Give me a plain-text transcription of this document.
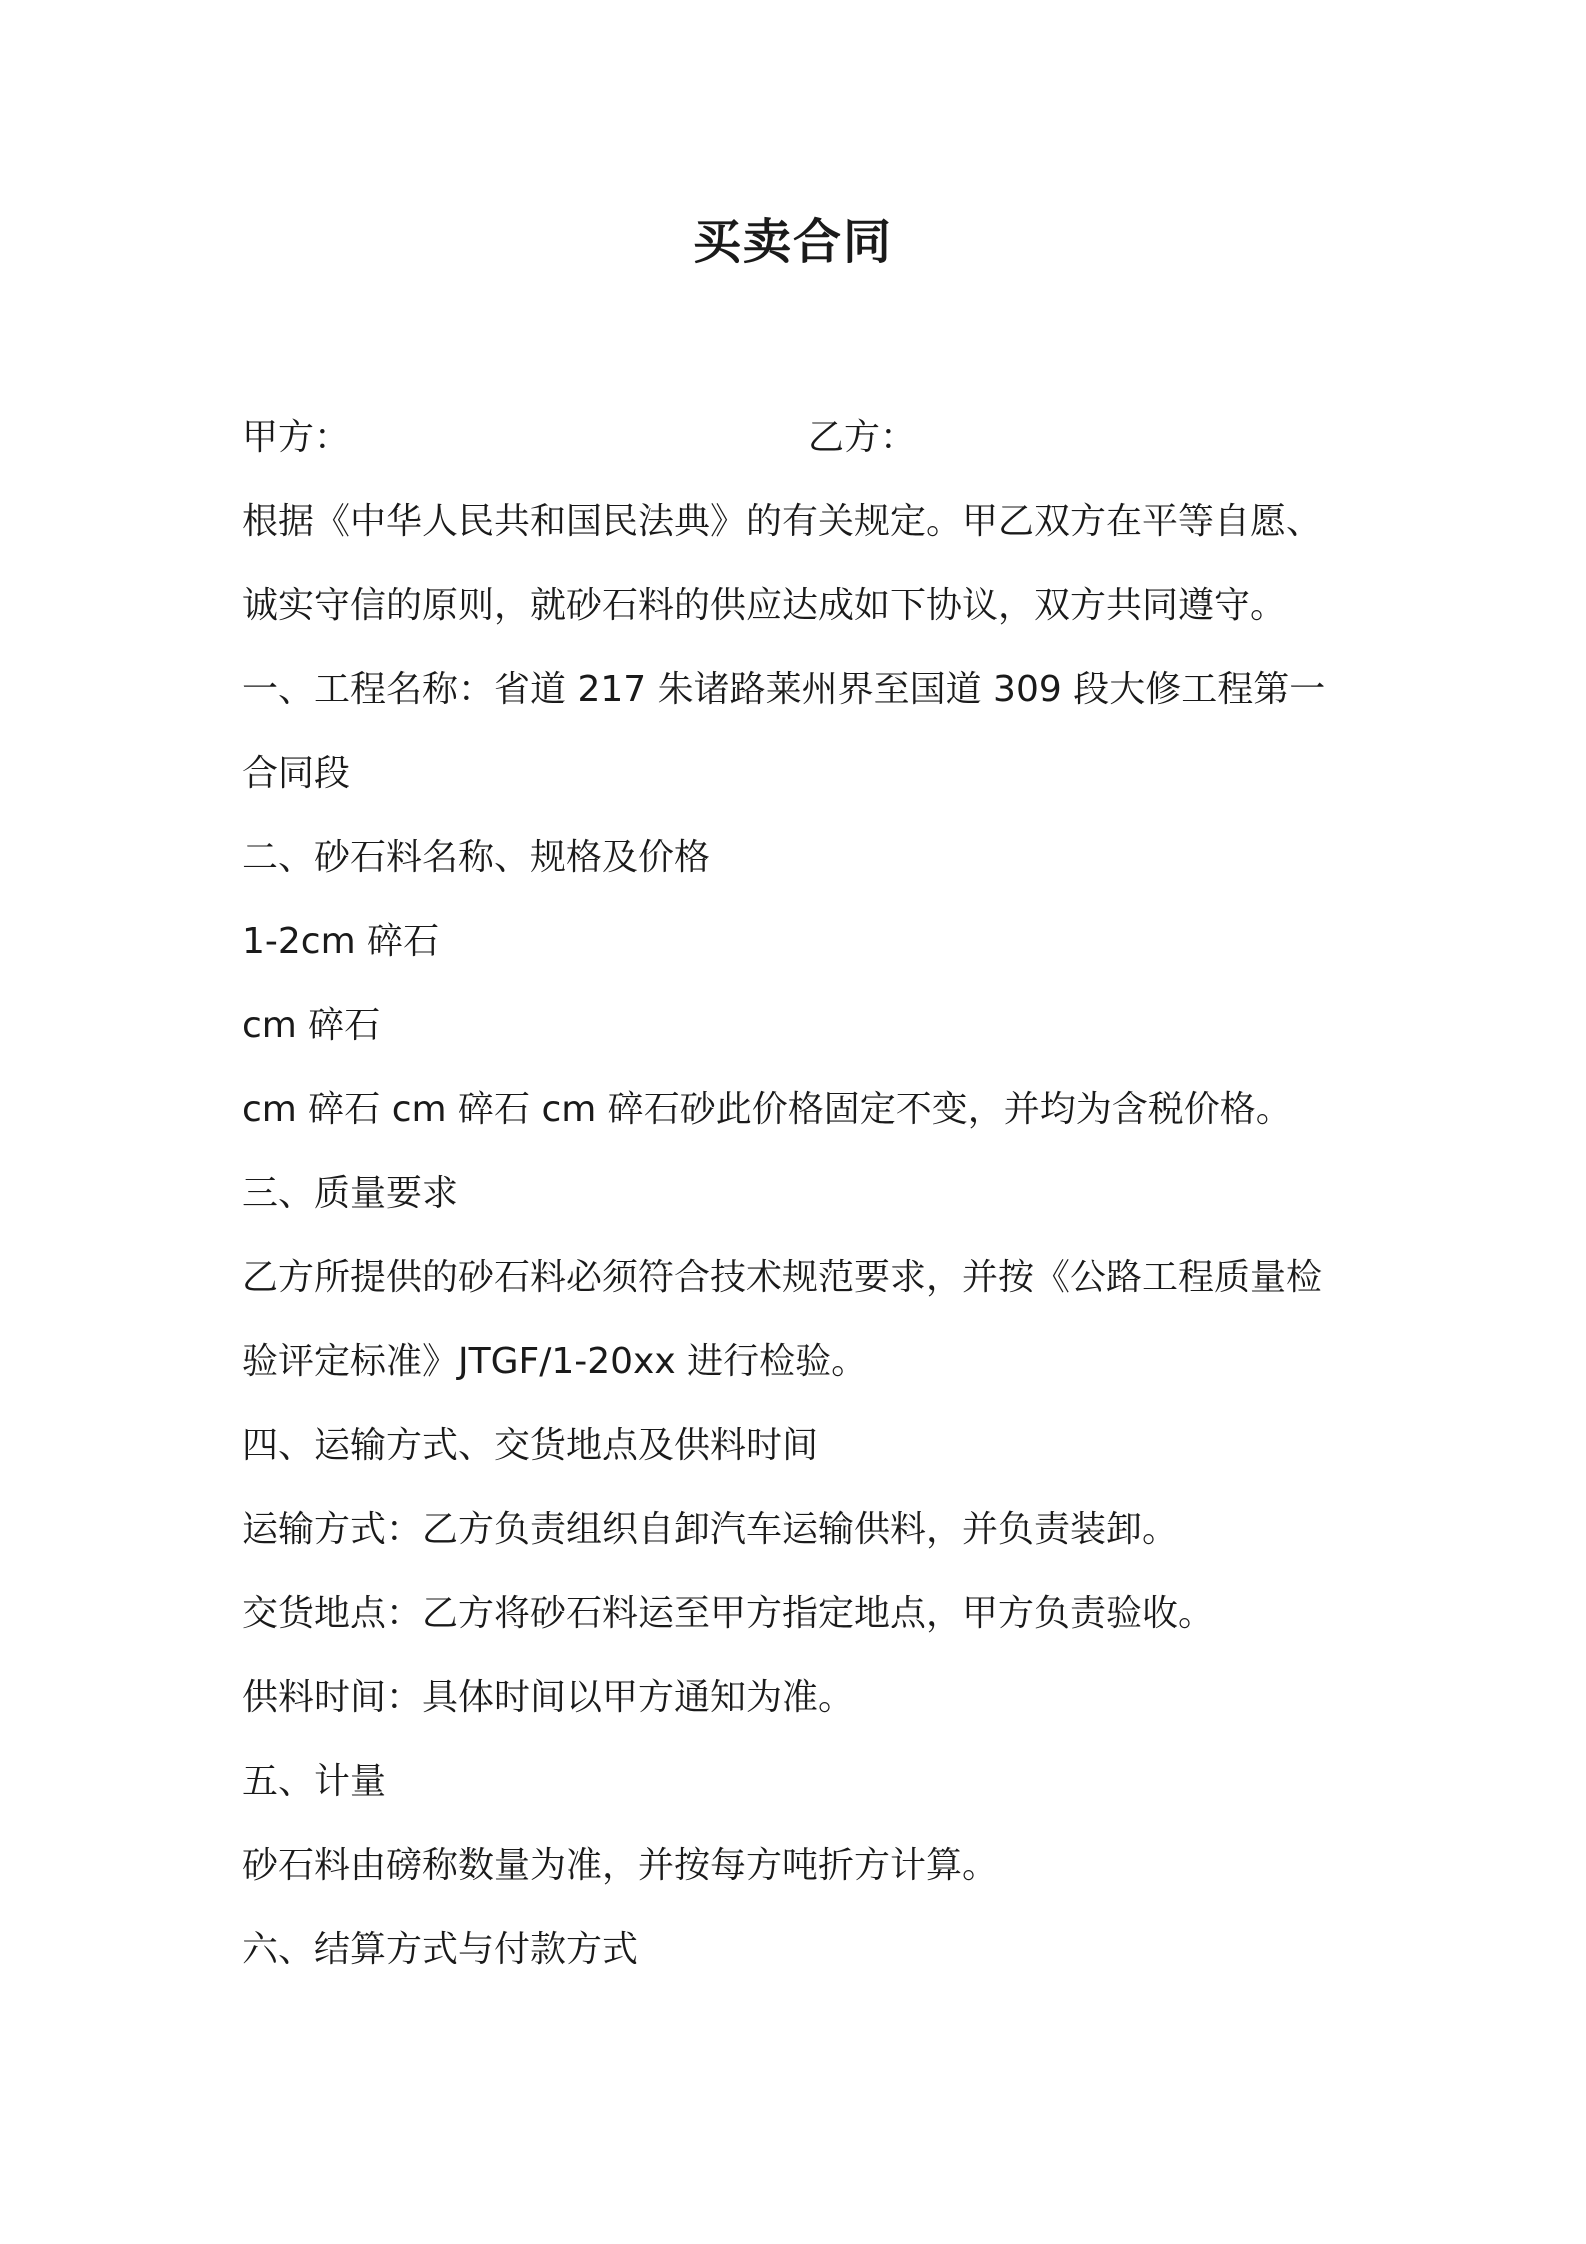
买卖合同
甲方：	乙方：
根据《中华人民共和国民法典》的有关规定。甲乙双方在平等自愿、
诚实守信的原则，就砂石料的供应达成如下协议，双方共同遵守。
一、工程名称：省道 217 朱诸路莱州界至国道 309 段大修工程第一
合同段
二、砂石料名称、规格及价格
1-2cm 碎石
cm 碎石
cm 碎石 cm 碎石 cm 碎石砂此价格固定不变，并均为含税价格。
三、质量要求
乙方所提供的砂石料必须符合技术规范要求，并按《公路工程质量检
验评定标准》JTGF/1-20xx 进行检验。
四、运输方式、交货地点及供料时间
运输方式：乙方负责组织自卸汽车运输供料，并负责装卸。
交货地点：乙方将砂石料运至甲方指定地点，甲方负责验收。
供料时间：具体时间以甲方通知为准。
五、计量
砂石料由磅称数量为准，并按每方吨折方计算。
六、结算方式与付款方式
